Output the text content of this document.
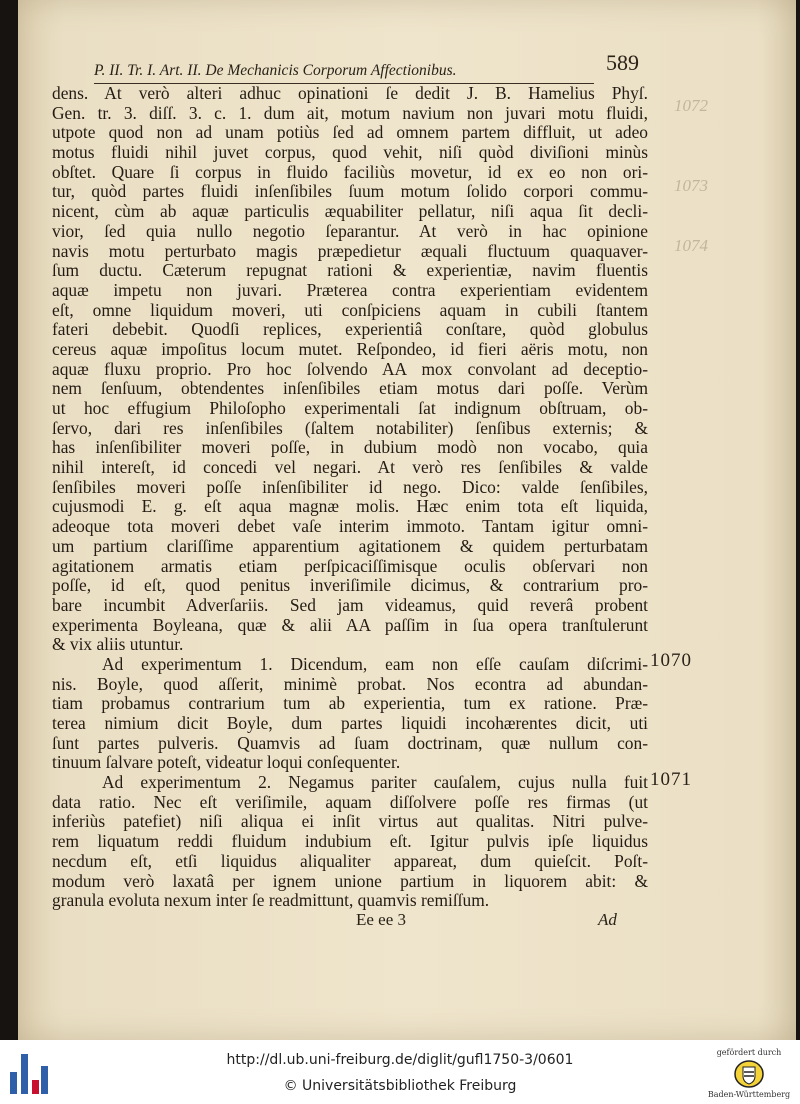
P. II. Tr. I. Art. II. De Mechanicis Corporum Affectionibus.	589
dens. At verò alteri adhuc opinationi ſe dedit J. B. Hamelius Phyſ.
Gen. tr. 3. diſſ. 3. c. 1. dum ait, motum navium non juvari motu fluidi,
utpote quod non ad unam potiùs ſed ad omnem partem diffluit, ut adeo
motus fluidi nihil juvet corpus, quod vehit, niſi quòd diviſioni minùs
obſtet. Quare ſi corpus in fluido faciliùs movetur, id ex eo non ori-
tur, quòd partes fluidi inſenſibiles ſuum motum ſolido corpori commu-
nicent, cùm ab aquæ particulis æquabiliter pellatur, niſi aqua ſit decli-
vior, ſed quia nullo negotio ſeparantur. At verò in hac opinione
navis motu perturbato magis præpedietur æquali fluctuum quaquaver-
ſum ductu. Cæterum repugnat rationi & experientiæ, navim fluentis
aquæ impetu non juvari. Præterea contra experientiam evidentem
eſt, omne liquidum moveri, uti conſpiciens aquam in cubili ſtantem
fateri debebit. Quodſi replices, experientiâ conſtare, quòd globulus
cereus aquæ impoſitus locum mutet. Reſpondeo, id fieri aëris motu, non
aquæ fluxu proprio. Pro hoc ſolvendo AA mox convolant ad deceptio-
nem ſenſuum, obtendentes inſenſibiles etiam motus dari poſſe. Verùm
ut hoc effugium Philoſopho experimentali ſat indignum obſtruam, ob-
ſervo, dari res inſenſibiles (ſaltem notabiliter) ſenſibus externis; &
has inſenſibiliter moveri poſſe, in dubium modò non vocabo, quia
nihil intereſt, id concedi vel negari. At verò res ſenſibiles & valde
ſenſibiles moveri poſſe inſenſibiliter id nego. Dico: valde ſenſibiles,
cujusmodi E. g. eſt aqua magnæ molis. Hæc enim tota eſt liquida,
adeoque tota moveri debet vaſe interim immoto. Tantam igitur omni-
um partium clariſſime apparentium agitationem & quidem perturbatam
agitationem armatis etiam perſpicaciſſimisque oculis obſervari non
poſſe, id eſt, quod penitus inveriſimile dicimus, & contrarium pro-
bare incumbit Adverſariis. Sed jam videamus, quid reverâ probent
experimenta Boyleana, quæ & alii AA paſſim in ſua opera tranſtulerunt
& vix aliis utuntur.
Ad experimentum 1. Dicendum, eam non eſſe cauſam diſcrimi-
nis. Boyle, quod aſſerit, minimè probat. Nos econtra ad abundan-
tiam probamus contrarium tum ab experientia, tum ex ratione. Præ-
terea nimium dicit Boyle, dum partes liquidi incohærentes dicit, uti
ſunt partes pulveris. Quamvis ad ſuam doctrinam, quæ nullum con-
tinuum ſalvare poteſt, videatur loqui conſequenter.
Ad experimentum 2. Negamus pariter cauſalem, cujus nulla fuit
data ratio. Nec eſt veriſimile, aquam diſſolvere poſſe res firmas (ut
inferiùs patefiet) niſi aliqua ei inſit virtus aut qualitas. Nitri pulve-
rem liquatum reddi fluidum indubium eſt. Igitur pulvis ipſe liquidus
necdum eſt, etſi liquidus aliqualiter appareat, dum quieſcit. Poſt-
modum verò laxatâ per ignem unione partium in liquorem abit: &
granula evoluta nexum inter ſe readmittunt, quamvis remiſſum.
1070
1071
1072
1073
1074
Ee ee 3	Ad
http://dl.ub.uni-freiburg.de/diglit/gufl1750-3/0601
© Universitätsbibliothek Freiburg
gefördert durch
Baden-Württemberg
